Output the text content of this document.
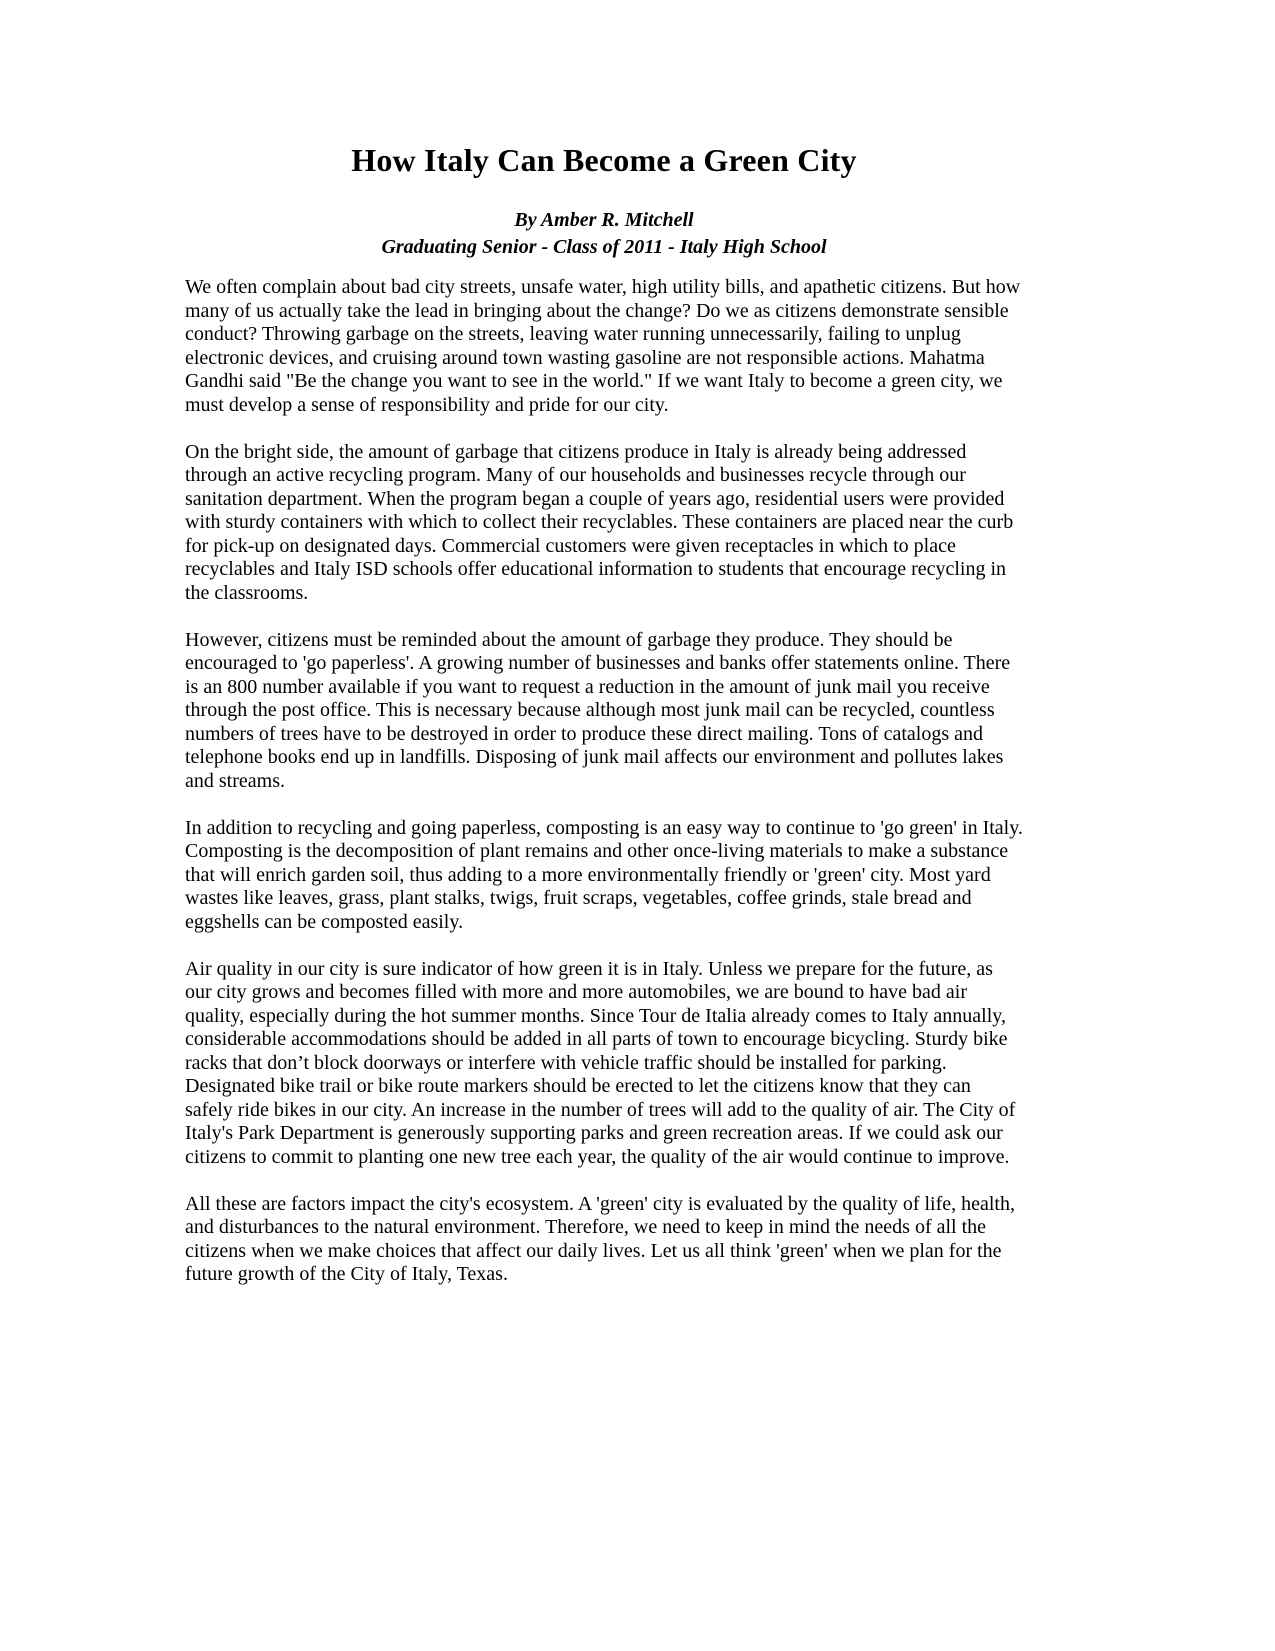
How Italy Can Become a Green City
By Amber R. Mitchell
Graduating Senior - Class of 2011 - Italy High School

We often complain about bad city streets, unsafe water, high utility bills, and apathetic citizens. But how many of us actually take the lead in bringing about the change? Do we as citizens demonstrate sensible conduct? Throwing garbage on the streets, leaving water running unnecessarily, failing to unplug electronic devices, and cruising around town wasting gasoline are not responsible actions. Mahatma Gandhi said "Be the change you want to see in the world." If we want Italy to become a green city, we must develop a sense of responsibility and pride for our city.

On the bright side, the amount of garbage that citizens produce in Italy is already being addressed through an active recycling program. Many of our households and businesses recycle through our sanitation department. When the program began a couple of years ago, residential users were provided with sturdy containers with which to collect their recyclables. These containers are placed near the curb for pick-up on designated days. Commercial customers were given receptacles in which to place recyclables and Italy ISD schools offer educational information to students that encourage recycling in the classrooms.

However, citizens must be reminded about the amount of garbage they produce. They should be encouraged to 'go paperless'. A growing number of businesses and banks offer statements online. There is an 800 number available if you want to request a reduction in the amount of junk mail you receive through the post office. This is necessary because although most junk mail can be recycled, countless numbers of trees have to be destroyed in order to produce these direct mailing. Tons of catalogs and telephone books end up in landfills. Disposing of junk mail affects our environment and pollutes lakes and streams.

In addition to recycling and going paperless, composting is an easy way to continue to 'go green' in Italy. Composting is the decomposition of plant remains and other once-living materials to make a substance that will enrich garden soil, thus adding to a more environmentally friendly or 'green' city. Most yard wastes like leaves, grass, plant stalks, twigs, fruit scraps, vegetables, coffee grinds, stale bread and eggshells can be composted easily.

Air quality in our city is sure indicator of how green it is in Italy. Unless we prepare for the future, as our city grows and becomes filled with more and more automobiles, we are bound to have bad air quality, especially during the hot summer months. Since Tour de Italia already comes to Italy annually, considerable accommodations should be added in all parts of town to encourage bicycling. Sturdy bike racks that don’t block doorways or interfere with vehicle traffic should be installed for parking. Designated bike trail or bike route markers should be erected to let the citizens know that they can safely ride bikes in our city. An increase in the number of trees will add to the quality of air. The City of Italy's Park Department is generously supporting parks and green recreation areas. If we could ask our citizens to commit to planting one new tree each year, the quality of the air would continue to improve.

All these are factors impact the city's ecosystem. A 'green' city is evaluated by the quality of life, health, and disturbances to the natural environment. Therefore, we need to keep in mind the needs of all the citizens when we make choices that affect our daily lives. Let us all think 'green' when we plan for the future growth of the City of Italy, Texas.
